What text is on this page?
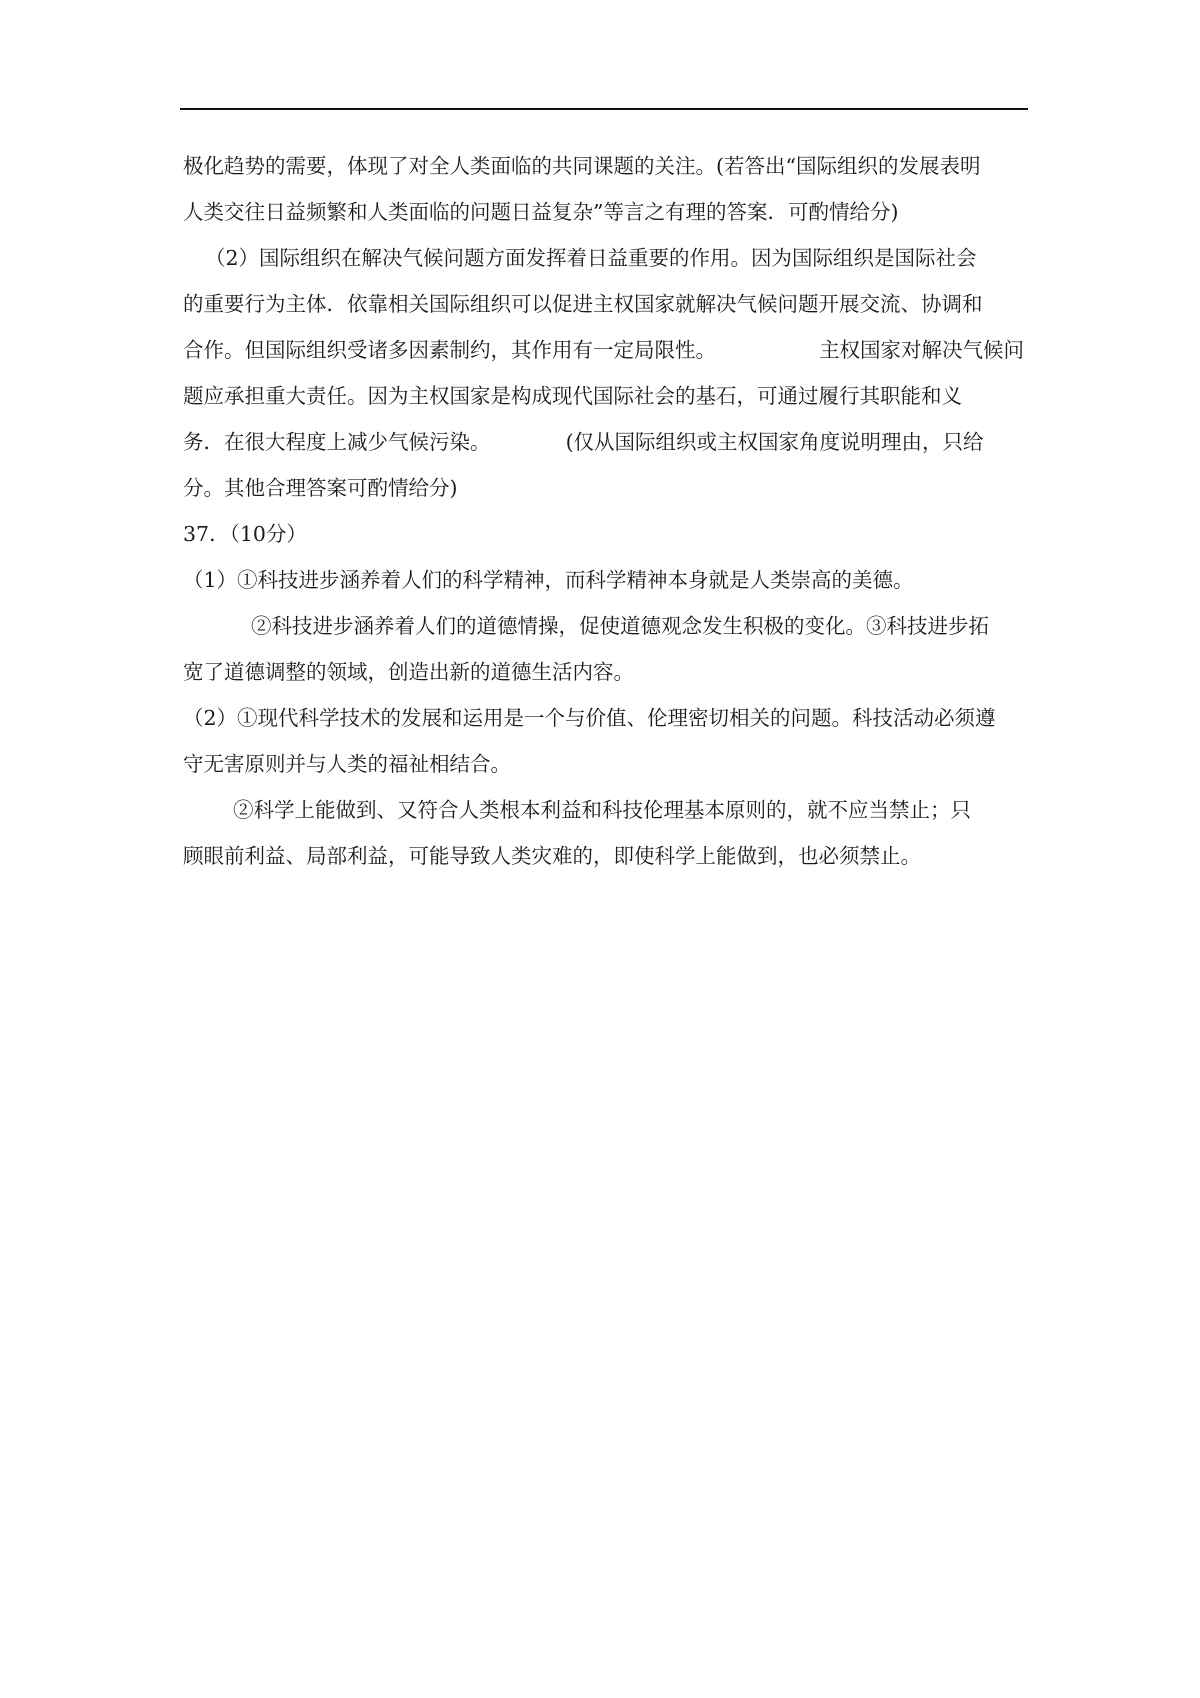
极化趋势的需要，体现了对全人类面临的共同课题的关注。(若答出“国际组织的发展表明
人类交往日益频繁和人类面临的问题日益复杂”等言之有理的答案．可酌情给分)
（2）国际组织在解决气候问题方面发挥着日益重要的作用。因为国际组织是国际社会
的重要行为主体．依靠相关国际组织可以促进主权国家就解决气候问题开展交流、协调和
合作。但国际组织受诸多因素制约，其作用有一定局限性。	主权国家对解决气候问
题应承担重大责任。因为主权国家是构成现代国际社会的基石，可通过履行其职能和义
务．在很大程度上减少气候污染。	(仅从国际组织或主权国家角度说明理由，只给
分。其他合理答案可酌情给分)
37．（10分）
（1）①科技进步涵养着人们的科学精神，而科学精神本身就是人类崇高的美德。
②科技进步涵养着人们的道德情操，促使道德观念发生积极的变化。③科技进步拓
宽了道德调整的领域，创造出新的道德生活内容。
（2）①现代科学技术的发展和运用是一个与价值、伦理密切相关的问题。科技活动必须遵
守无害原则并与人类的福祉相结合。
②科学上能做到、又符合人类根本利益和科技伦理基本原则的，就不应当禁止；只
顾眼前利益、局部利益，可能导致人类灾难的，即使科学上能做到，也必须禁止。
